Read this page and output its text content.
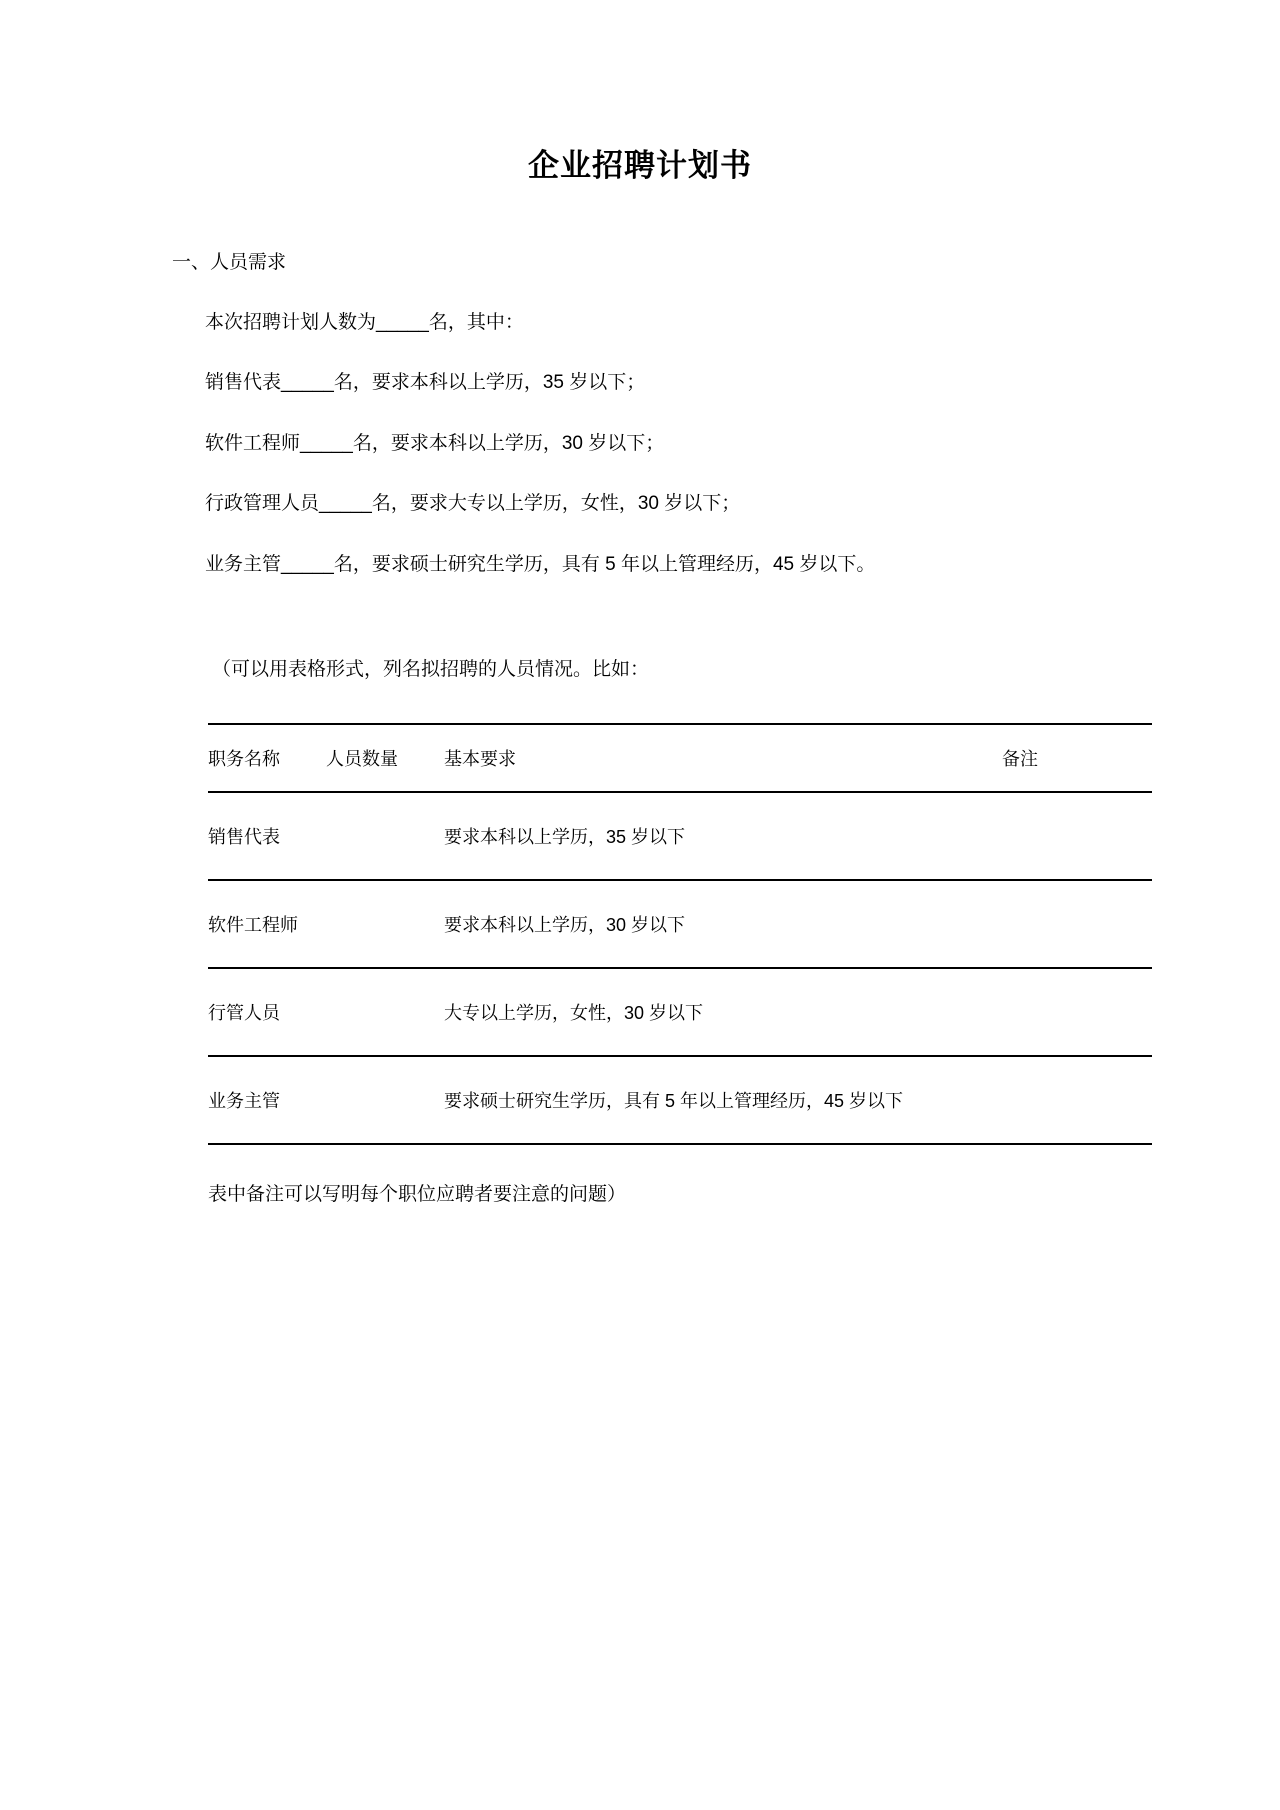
企业招聘计划书
一、人员需求

本次招聘计划人数为_____名，其中：

销售代表_____名，要求本科以上学历，35 岁以下；

软件工程师_____名，要求本科以上学历，30 岁以下；

行政管理人员_____名，要求大专以上学历，女性，30 岁以下；

业务主管_____名，要求硕士研究生学历，具有 5 年以上管理经历，45 岁以下。

（可以用表格形式，列名拟招聘的人员情况。比如：

职务名称	人员数量	基本要求	备注
销售代表		要求本科以上学历，35 岁以下	
软件工程师		要求本科以上学历，30 岁以下	
行管人员		大专以上学历，女性，30 岁以下	
业务主管		要求硕士研究生学历，具有 5 年以上管理经历，45 岁以下	

表中备注可以写明每个职位应聘者要注意的问题）
